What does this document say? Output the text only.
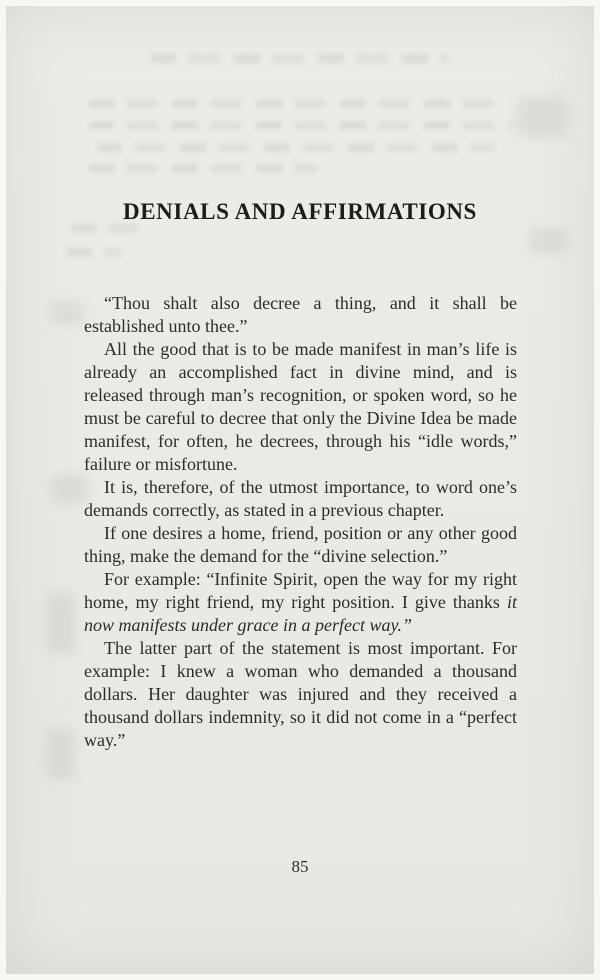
DENIALS AND AFFIRMATIONS

“Thou shalt also decree a thing, and it shall be established unto thee.”

All the good that is to be made manifest in man’s life is already an accomplished fact in divine mind, and is released through man’s recognition, or spoken word, so he must be careful to decree that only the Divine Idea be made manifest, for often, he decrees, through his “idle words,” failure or misfortune.

It is, therefore, of the utmost importance, to word one’s demands correctly, as stated in a previous chapter.

If one desires a home, friend, position or any other good thing, make the demand for the “divine selection.”

For example: “Infinite Spirit, open the way for my right home, my right friend, my right position. I give thanks it now manifests under grace in a perfect way.”

The latter part of the statement is most important. For example: I knew a woman who demanded a thousand dollars. Her daughter was injured and they received a thousand dollars indemnity, so it did not come in a “perfect way.”

85
